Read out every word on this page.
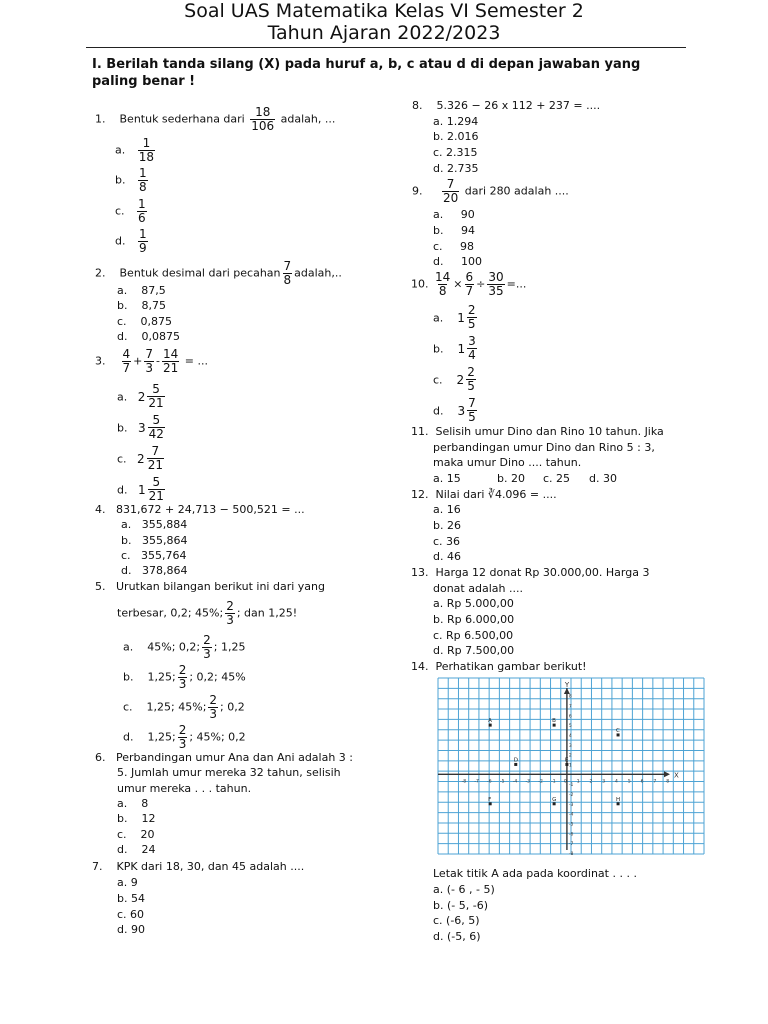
Soal UAS Matematika Kelas VI Semester 2
Tahun Ajaran 2022/2023
I. Berilah tanda silang (X) pada huruf a, b, c atau d di depan jawaban yang paling benar !
1. Bentuk sederhana dari $\frac{18}{106}$ adalah, ...
a. $\frac{1}{18}$
b. $\frac{1}{8}$
c. $\frac{1}{6}$
d. $\frac{1}{9}$
2. Bentuk desimal dari pecahan $\frac{7}{8}$ adalah,..
a. 87,5
b. 8,75
c. 0,875
d. 0,0875
3. $\frac{4}{7} + \frac{7}{3} - \frac{14}{21}$ = ...
a. $2 \frac{5}{21}$
b. $3 \frac{5}{42}$
c. $2 \frac{7}{21}$
d. $1 \frac{5}{21}$
4. 831,672 + 24,713 − 500,521 = ...
a. 355,884
b. 355,864
c. 355,764
d. 378,864
5. Urutkan bilangan berikut ini dari yang
terbesar, 0,2; 45%; $\frac{2}{3}$ ; dan 1,25!
a. 45%; 0,2; $\frac{2}{3}$ ; 1,25
b. 1,25; $\frac{2}{3}$ ; 0,2; 45%
c. 1,25; 45%; $\frac{2}{3}$ ; 0,2
d. 1,25; $\frac{2}{3}$ ; 45%; 0,2
6. Perbandingan umur Ana dan Ani adalah 3 :
5. Jumlah umur mereka 32 tahun, selisih
umur mereka . . . tahun.
a. 8
b. 12
c. 20
d. 24
7. KPK dari 18, 30, dan 45 adalah ....
a. 9
b. 54
c. 60
d. 90
8. 5.326 − 26 x 112 + 237 = ....
a. 1.294
b. 2.016
c. 2.315
d. 2.735
9. $\frac{7}{20}$ dari 280 adalah ....
a. 90
b. 94
c. 98
d. 100
10. $\frac{14}{8} \times \frac{6}{7} \div \frac{30}{35}$ =...
a. $1 \frac{2}{5}$
b. $1 \frac{3}{4}$
c. $2 \frac{2}{5}$
d. $3 \frac{7}{5}$
11. Selisih umur Dino dan Rino 10 tahun. Jika
perbandingan umur Dino dan Rino 5 : 3,
maka umur Dino .... tahun.
a. 15	b. 20 c. 25 d. 30
12. Nilai dari ∛4.096 = ....
a. 16
b. 26
c. 36
d. 46
13. Harga 12 donat Rp 30.000,00. Harga 3
donat adalah ....
a. Rp 5.000,00
b. Rp 6.000,00
c. Rp 6.500,00
d. Rp 7.500,00
14. Perhatikan gambar berikut!
X
Y
-8 -7 -6 -5 -4 -3 -2 -1 0 1 2 3 4 5 6 7 8
8
7
6
5
4
3
2
1
-1
-2
-3
-4
-5
-6
-7
-8
A	B
C
D	E
F	G	H
Letak titik A ada pada koordinat . . . .
a. (- 6 , - 5)
b. (- 5, -6)
c. (-6, 5)
d. (-5, 6)
